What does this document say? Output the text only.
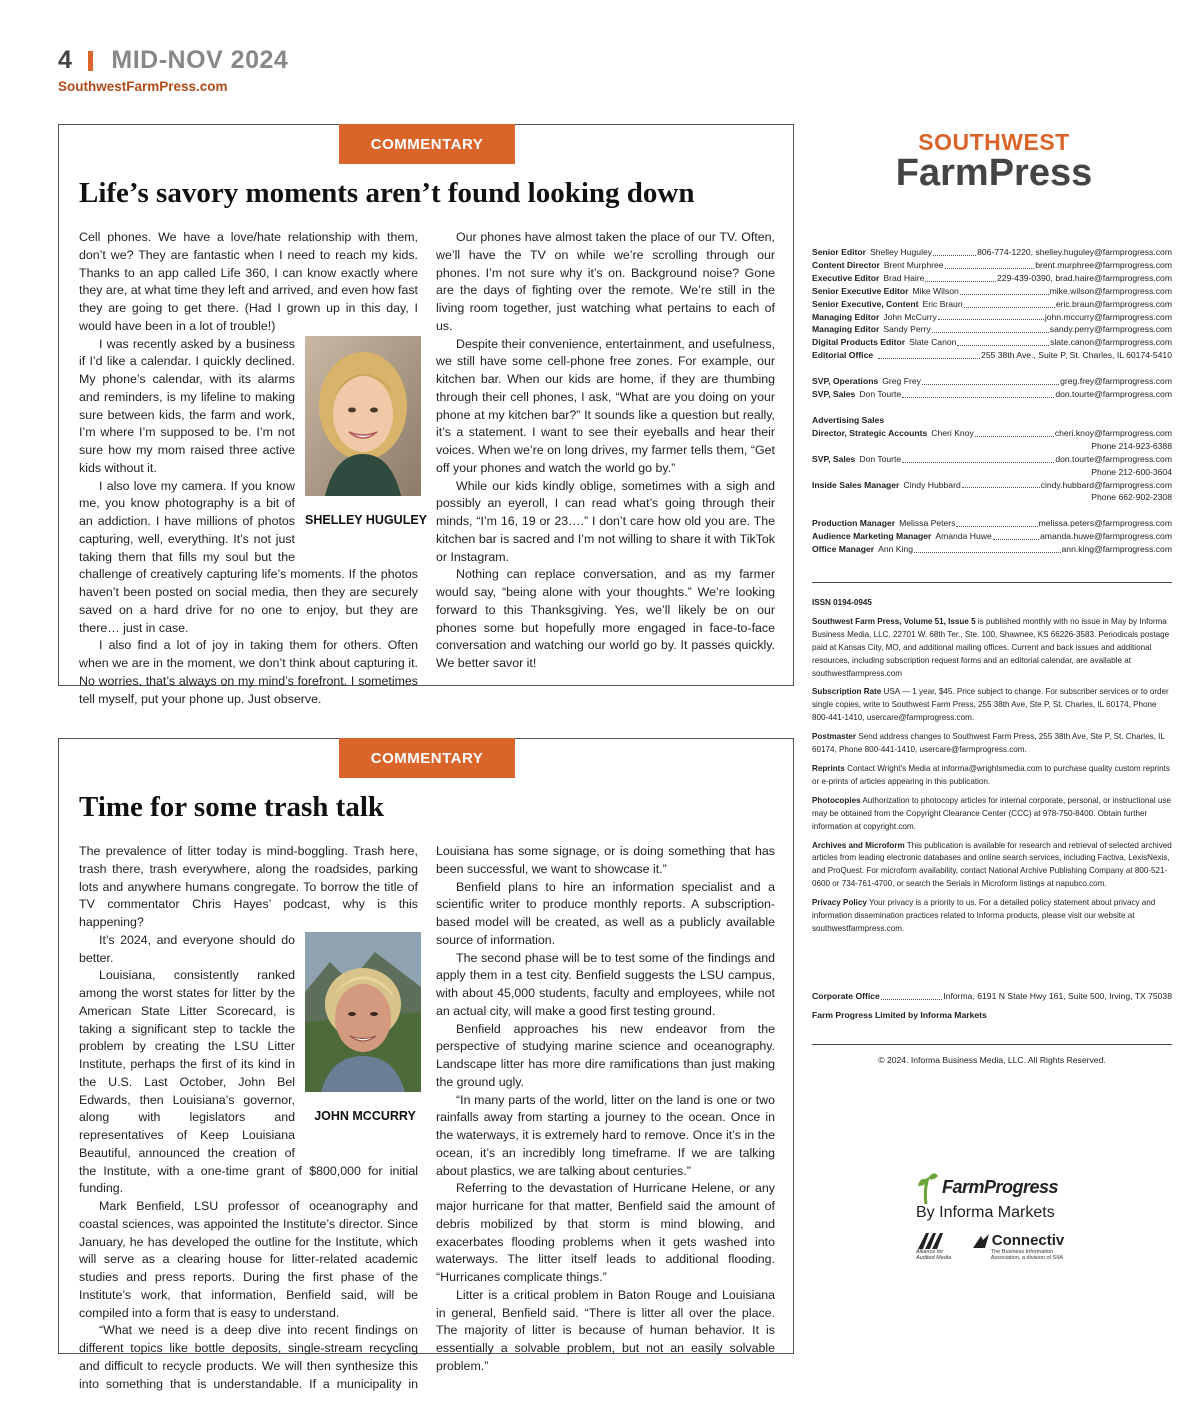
4 MID-NOV 2024
SouthwestFarmPress.com
COMMENTARY
Life’s savory moments aren’t found looking down

Cell phones. We have a love/hate relationship with them, don’t we? They are fantastic when I need to reach my kids. Thanks to an app called Life 360, I can know exactly where they are, at what time they left and arrived, and even how fast they are going to get there. (Had I grown up in this day, I would have been in a lot of trouble!)

SHELLEY HUGULEY

I was recently asked by a business if I’d like a calendar. I quickly declined. My phone’s calendar, with its alarms and reminders, is my lifeline to making sure between kids, the farm and work, I’m where I’m supposed to be. I’m not sure how my mom raised three active kids without it.

I also love my camera. If you know me, you know photography is a bit of an addiction. I have millions of photos capturing, well, everything. It’s not just taking them that fills my soul but the challenge of creatively capturing life’s moments. If the photos haven’t been posted on social media, then they are securely saved on a hard drive for no one to enjoy, but they are there… just in case.

I also find a lot of joy in taking them for others. Often when we are in the moment, we don’t think about capturing it. No worries, that’s always on my mind’s forefront. I sometimes tell myself, put your phone up. Just observe.

Our phones have almost taken the place of our TV. Often, we’ll have the TV on while we’re scrolling through our phones. I’m not sure why it’s on. Background noise? Gone are the days of fighting over the remote. We’re still in the living room together, just watching what pertains to each of us.

Despite their convenience, entertainment, and usefulness, we still have some cell-phone free zones. For example, our kitchen bar. When our kids are home, if they are thumbing through their cell phones, I ask, “What are you doing on your phone at my kitchen bar?” It sounds like a question but really, it’s a statement. I want to see their eyeballs and hear their voices. When we’re on long drives, my farmer tells them, “Get off your phones and watch the world go by.”

While our kids kindly oblige, sometimes with a sigh and possibly an eyeroll, I can read what’s going through their minds, “I’m 16, 19 or 23….” I don’t care how old you are. The kitchen bar is sacred and I’m not willing to share it with TikTok or Instagram.

Nothing can replace conversation, and as my farmer would say, “being alone with your thoughts.” We’re looking forward to this Thanksgiving. Yes, we’ll likely be on our phones some but hopefully more engaged in face-to-face conversation and watching our world go by. It passes quickly. We better savor it!

COMMENTARY
Time for some trash talk

The prevalence of litter today is mind-boggling. Trash here, trash there, trash everywhere, along the roadsides, parking lots and anywhere humans congregate. To borrow the title of TV commentator Chris Hayes’ podcast, why is this happening?

JOHN MCCURRY

It’s 2024, and everyone should do better.

Louisiana, consistently ranked among the worst states for litter by the American State Litter Scorecard, is taking a significant step to tackle the problem by creating the LSU Litter Institute, perhaps the first of its kind in the U.S. Last October, John Bel Edwards, then Louisiana’s governor, along with legislators and representatives of Keep Louisiana Beautiful, announced the creation of the Institute, with a one-time grant of $800,000 for initial funding.

Mark Benfield, LSU professor of oceanography and coastal sciences, was appointed the Institute’s director. Since January, he has developed the outline for the Institute, which will serve as a clearing house for litter-related academic studies and press reports. During the first phase of the Institute’s work, that information, Benfield said, will be compiled into a form that is easy to understand.

“What we need is a deep dive into recent findings on different topics like bottle deposits, single-stream recycling and difficult to recycle products. We will then synthesize this into something that is understandable. If a municipality in Louisiana has some signage, or is doing something that has been successful, we want to showcase it.”

Benfield plans to hire an information specialist and a scientific writer to produce monthly reports. A subscription-based model will be created, as well as a publicly available source of information.

The second phase will be to test some of the findings and apply them in a test city. Benfield suggests the LSU campus, with about 45,000 students, faculty and employees, while not an actual city, will make a good first testing ground.

Benfield approaches his new endeavor from the perspective of studying marine science and oceanography. Landscape litter has more dire ramifications than just making the ground ugly.

“In many parts of the world, litter on the land is one or two rainfalls away from starting a journey to the ocean. Once in the waterways, it is extremely hard to remove. Once it’s in the ocean, it’s an incredibly long timeframe. If we are talking about plastics, we are talking about centuries.”

Referring to the devastation of Hurricane Helene, or any major hurricane for that matter, Benfield said the amount of debris mobilized by that storm is mind blowing, and exacerbates flooding problems when it gets washed into waterways. The litter itself leads to additional flooding. “Hurricanes complicate things.”

Litter is a critical problem in Baton Rouge and Louisiana in general, Benfield said. “There is litter all over the place. The majority of litter is because of human behavior. It is essentially a solvable problem, but not an easily solvable problem.”

SOUTHWEST
FarmPress
Senior Editor Shelley Huguley	806-774-1220, shelley.huguley@farmprogress.com
Content Director Brent Murphree	brent.murphree@farmprogress.com
Executive Editor Brad Haire	229-439-0390, brad.haire@farmprogress.com
Senior Executive Editor Mike Wilson	mike.wilson@farmprogress.com
Senior Executive, Content Eric Braun	eric.braun@farmprogress.com
Managing Editor John McCurry	john.mccurry@farmprogress.com
Managing Editor Sandy Perry	sandy.perry@farmprogress.com
Digital Products Editor Slate Canon	slate.canon@farmprogress.com
Editorial Office	255 38th Ave., Suite P, St. Charles, IL 60174-5410
SVP, Operations Greg Frey	greg.frey@farmprogress.com
SVP, Sales Don Tourte	don.tourte@farmprogress.com
Advertising Sales
Director, Strategic Accounts Cheri Knoy	cheri.knoy@farmprogress.com
Phone 214-923-6388
SVP, Sales Don Tourte	don.tourte@farmprogress.com
Phone 212-600-3604
Inside Sales Manager Cindy Hubbard	cindy.hubbard@farmprogress.com
Phone 662-902-2308
Production Manager Melissa Peters	melissa.peters@farmprogress.com
Audience Marketing Manager Amanda Huwe	amanda.huwe@farmprogress.com
Office Manager Ann King	ann.king@farmprogress.com

ISSN 0194-0945

Southwest Farm Press, Volume 51, Issue 5 is published monthly with no issue in May by Informa Business Media, LLC, 22701 W. 68th Ter., Ste. 100, Shawnee, KS 66226-3583. Periodicals postage paid at Kansas City, MO, and additional mailing offices. Current and back issues and additional resources, including subscription request forms and an editorial calendar, are available at southwestfarmpress.com

Subscription Rate USA — 1 year, $45. Price subject to change. For subscriber services or to order single copies, write to Southwest Farm Press, 255 38th Ave, Ste P, St. Charles, IL 60174, Phone 800-441-1410, usercare@farmprogress.com.

Postmaster Send address changes to Southwest Farm Press, 255 38th Ave, Ste P, St. Charles, IL 60174, Phone 800-441-1410, usercare@farmprogress.com.

Reprints Contact Wright’s Media at informa@wrightsmedia.com to purchase quality custom reprints or e-prints of articles appearing in this publication.

Photocopies Authorization to photocopy articles for internal corporate, personal, or instructional use may be obtained from the Copyright Clearance Center (CCC) at 978-750-8400. Obtain further information at copyright.com.

Archives and Microform This publication is available for research and retrieval of selected archived articles from leading electronic databases and online search services, including Factiva, LexisNexis, and ProQuest. For microform availability, contact National Archive Publishing Company at 800-521-0600 or 734-761-4700, or search the Serials in Microform listings at napubco.com.

Privacy Policy Your privacy is a priority to us. For a detailed policy statement about privacy and information dissemination practices related to Informa products, please visit our website at southwestfarmpress.com.

Corporate Office	Informa, 6191 N State Hwy 161, Suite 500, Irving, TX 75038
Farm Progress Limited by Informa Markets
© 2024. Informa Business Media, LLC. All Rights Reserved.
FarmProgress
By Informa Markets
Alliance for Audited Media
Connectiv
The Business Information Association, a division of SIIA
